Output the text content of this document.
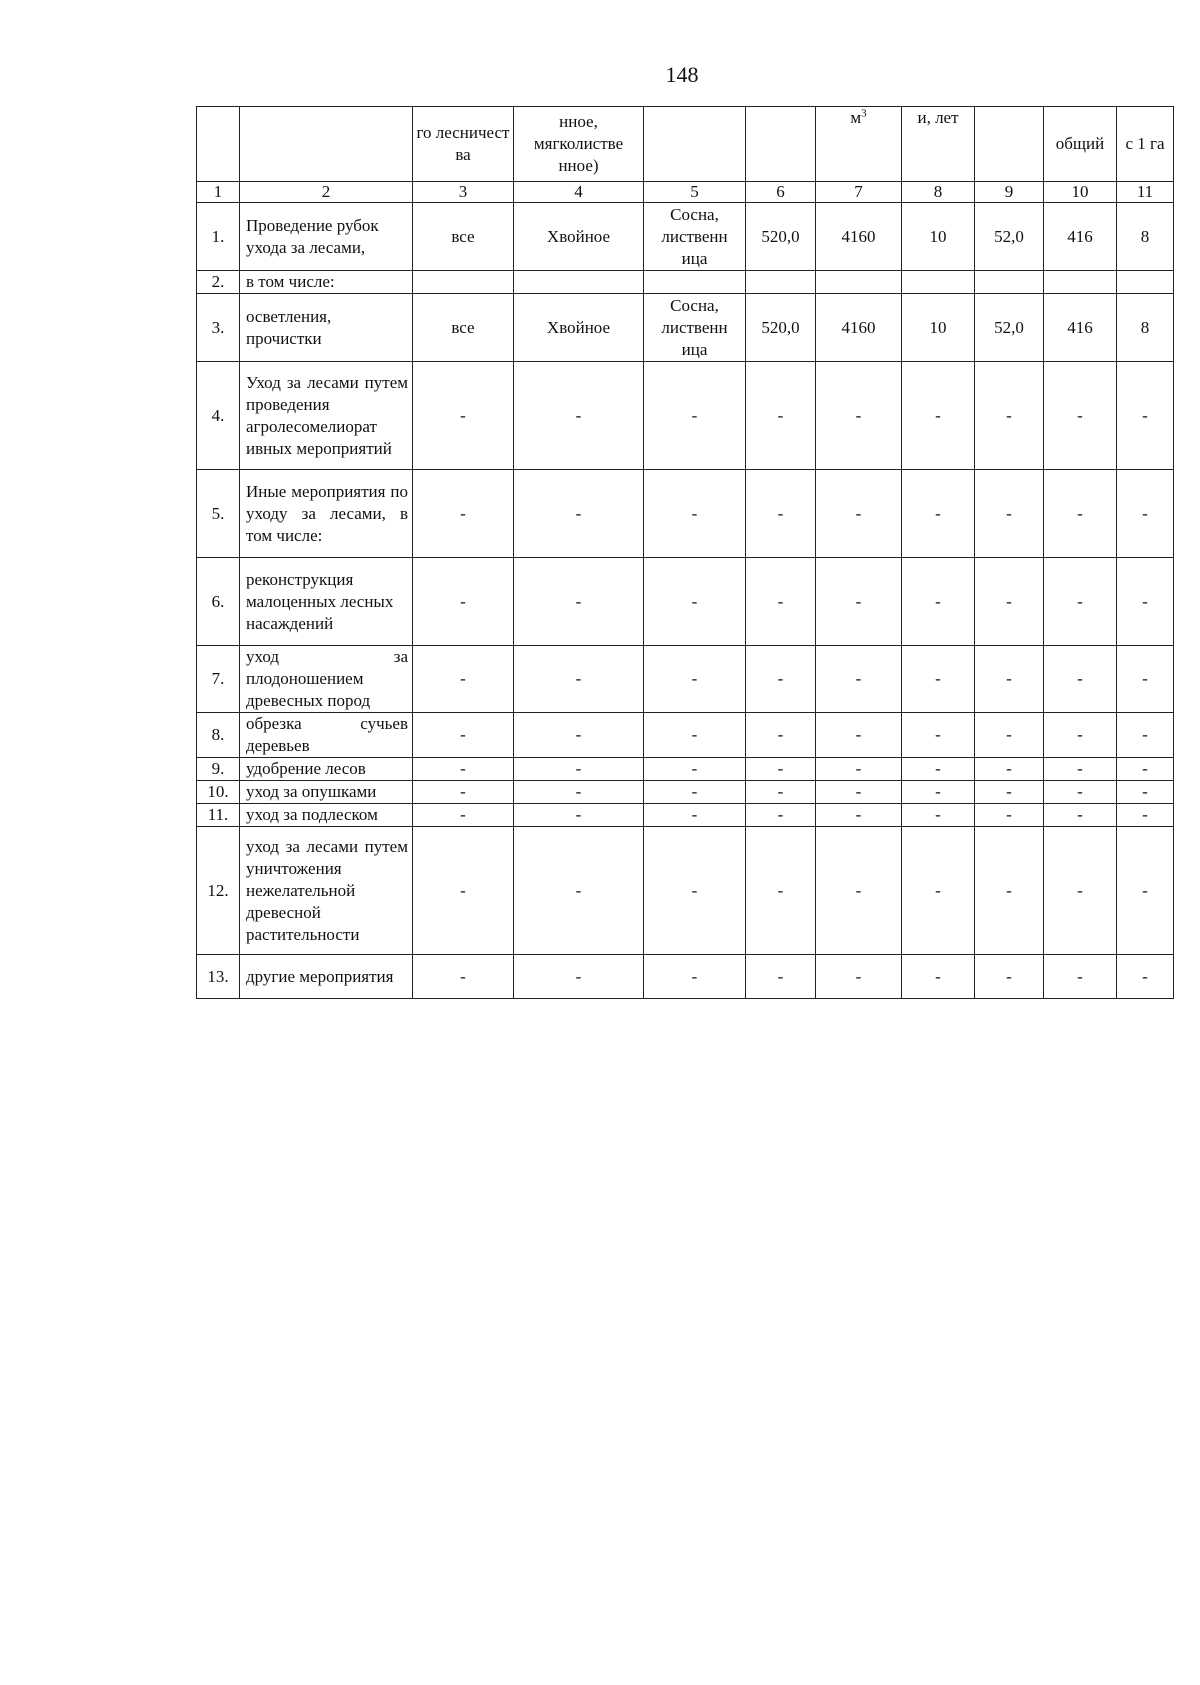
148
		го лесничест ва	нное, мягколистве нное)			$м^3$	и, лет		общий	с 1 га
1	2	3	4	5	6	7	8	9	10	11
1.	Проведение рубок ухода за лесами,	все	Хвойное	Сосна, лиственн ица	520,0	4160	10	52,0	416	8
2.	в том числе:									
3.	осветления, прочистки	все	Хвойное	Сосна, лиственн ица	520,0	4160	10	52,0	416	8
4.	Уход за лесами путем проведения агролесомелиорат ивных мероприятий	-	-	-	-	-	-	-	-	-
5.	Иные мероприятия по уходу за лесами, в том числе:	-	-	-	-	-	-	-	-	-
6.	реконструкция малоценных лесных насаждений	-	-	-	-	-	-	-	-	-
7.	уход за плодоношением древесных пород	-	-	-	-	-	-	-	-	-
8.	обрезка сучьев деревьев	-	-	-	-	-	-	-	-	-
9.	удобрение лесов	-	-	-	-	-	-	-	-	-
10.	уход за опушками	-	-	-	-	-	-	-	-	-
11.	уход за подлеском	-	-	-	-	-	-	-	-	-
12.	уход за лесами путем уничтожения нежелательной древесной растительности	-	-	-	-	-	-	-	-	-
13.	другие мероприятия	-	-	-	-	-	-	-	-	-
